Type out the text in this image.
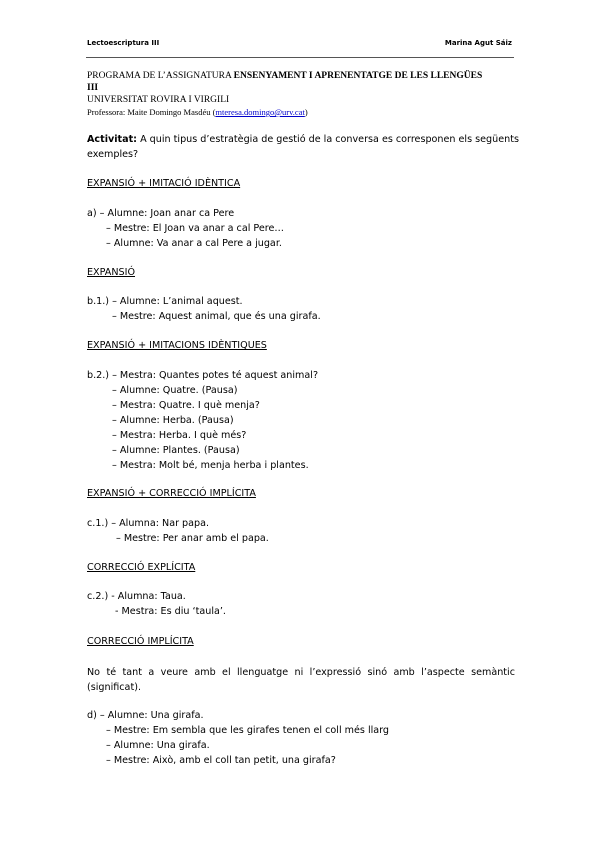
Lectoescriptura III	Marina Agut Sáiz
PROGRAMA DE L’ASSIGNATURA ENSENYAMENT I APRENENTATGE DE LES LLENGÜES
III
UNIVERSITAT ROVIRA I VIRGILI
Professora: Maite Domingo Masdéu (mteresa.domingo@urv.cat)
Activitat: A quin tipus d’estratègia de gestió de la conversa es corresponen els següents
exemples?
EXPANSIÓ + IMITACIÓ IDÈNTICA
a) – Alumne: Joan anar ca Pere
– Mestre: El Joan va anar a cal Pere…
– Alumne: Va anar a cal Pere a jugar.
EXPANSIÓ
b.1.) – Alumne: L’animal aquest.
– Mestre: Aquest animal, que és una girafa.
EXPANSIÓ + IMITACIONS IDÈNTIQUES
b.2.) – Mestra: Quantes potes té aquest animal?
– Alumne: Quatre. (Pausa)
– Mestra: Quatre. I què menja?
– Alumne: Herba. (Pausa)
– Mestra: Herba. I què més?
– Alumne: Plantes. (Pausa)
– Mestra: Molt bé, menja herba i plantes.
EXPANSIÓ + CORRECCIÓ IMPLÍCITA
c.1.) – Alumna: Nar papa.
– Mestre: Per anar amb el papa.
CORRECCIÓ EXPLÍCITA
c.2.) - Alumna: Taua.
- Mestra: Es diu ‘taula’.
CORRECCIÓ IMPLÍCITA
No té tant a veure amb el llenguatge ni l’expressió sinó amb l’aspecte semàntic (significat).
d) – Alumne: Una girafa.
– Mestre: Em sembla que les girafes tenen el coll més llarg
– Alumne: Una girafa.
– Mestre: Això, amb el coll tan petit, una girafa?
